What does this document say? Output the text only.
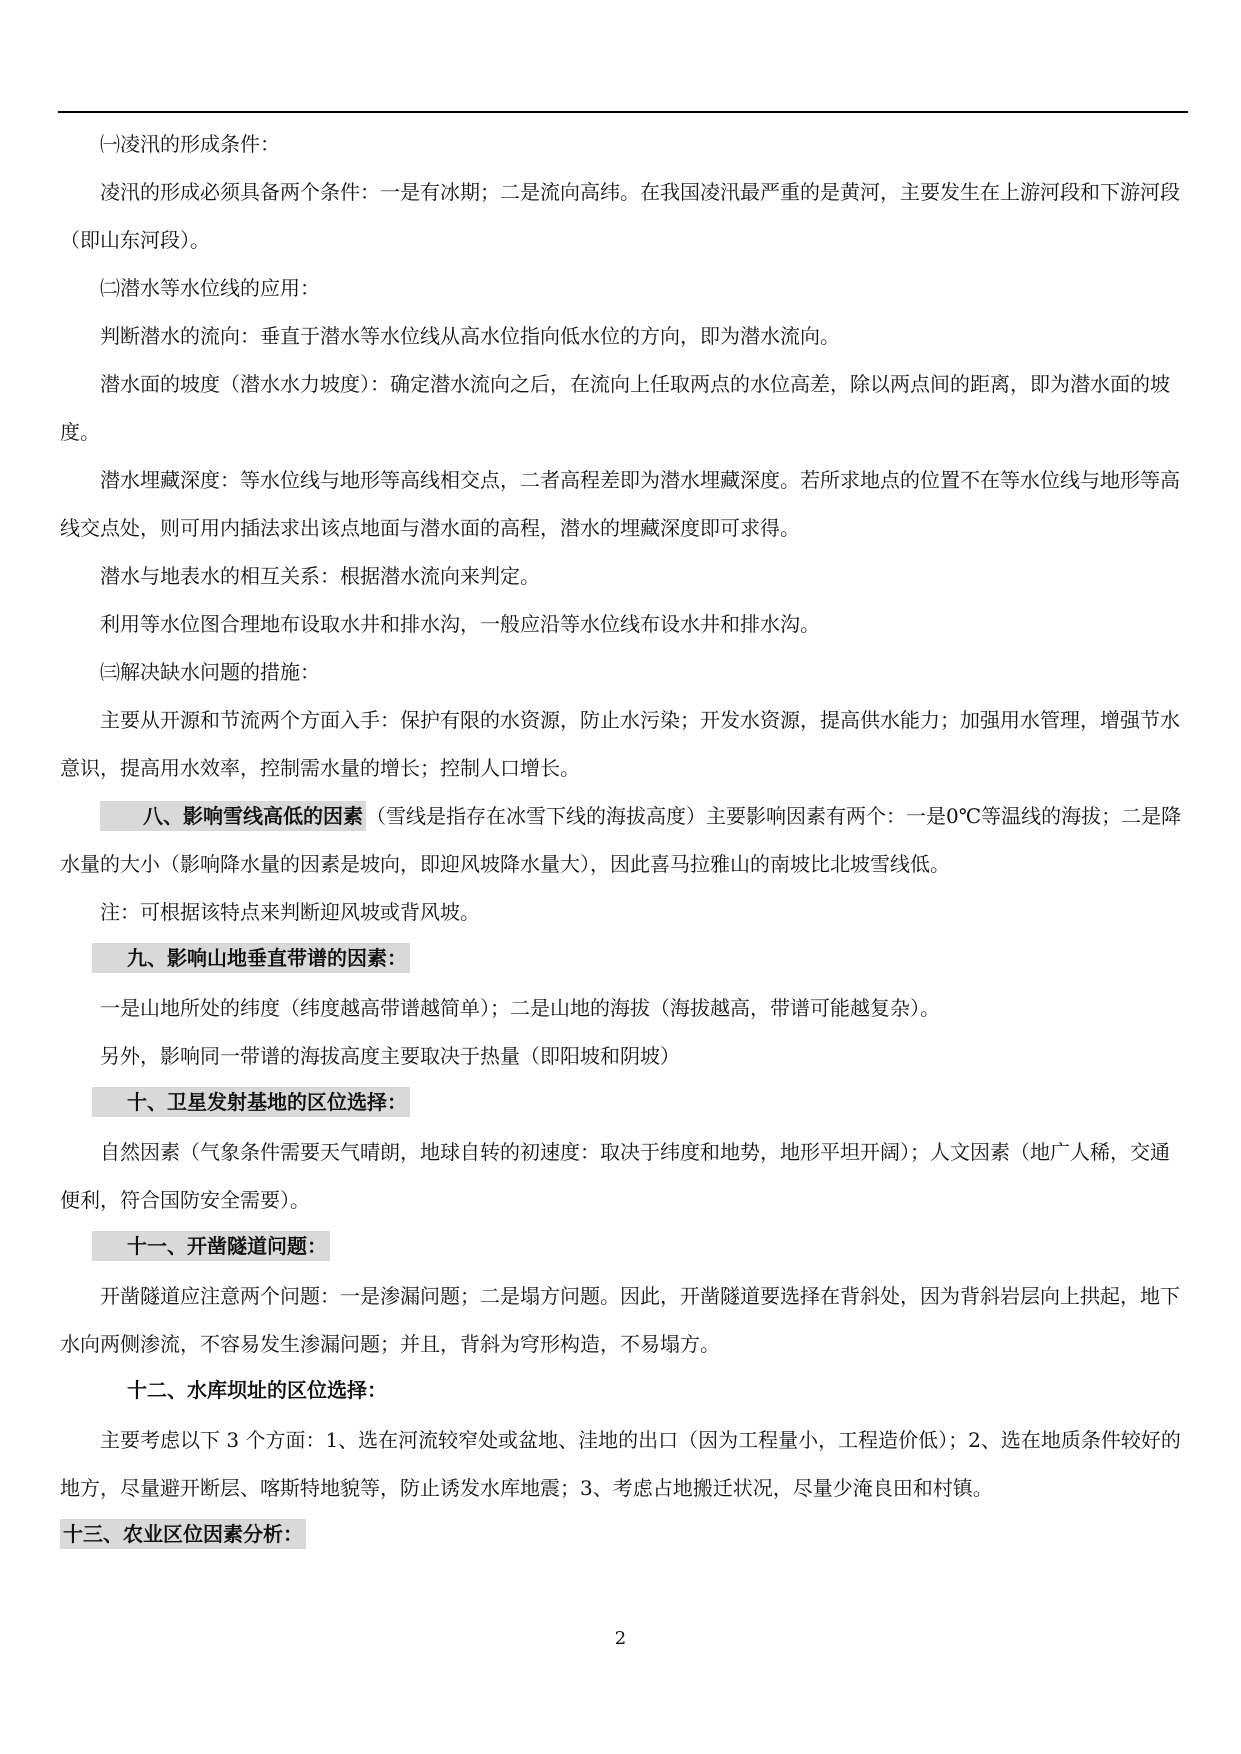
㈠凌汛的形成条件：

凌汛的形成必须具备两个条件：一是有冰期；二是流向高纬。在我国凌汛最严重的是黄河，主要发生在上游河段和下游河段（即山东河段）。

㈡潜水等水位线的应用：

判断潜水的流向：垂直于潜水等水位线从高水位指向低水位的方向，即为潜水流向。

潜水面的坡度（潜水水力坡度）：确定潜水流向之后，在流向上任取两点的水位高差，除以两点间的距离，即为潜水面的坡度。

潜水埋藏深度：等水位线与地形等高线相交点，二者高程差即为潜水埋藏深度。若所求地点的位置不在等水位线与地形等高线交点处，则可用内插法求出该点地面与潜水面的高程，潜水的埋藏深度即可求得。

潜水与地表水的相互关系：根据潜水流向来判定。

利用等水位图合理地布设取水井和排水沟，一般应沿等水位线布设水井和排水沟。

㈢解决缺水问题的措施：

主要从开源和节流两个方面入手：保护有限的水资源，防止水污染；开发水资源，提高供水能力；加强用水管理，增强节水意识，提高用水效率，控制需水量的增长；控制人口增长。

八、影响雪线高低的因素 （雪线是指存在冰雪下线的海拔高度）主要影响因素有两个：一是0℃等温线的海拔；二是降水量的大小（影响降水量的因素是坡向，即迎风坡降水量大），因此喜马拉雅山的南坡比北坡雪线低。

注：可根据该特点来判断迎风坡或背风坡。

九、影响山地垂直带谱的因素：

一是山地所处的纬度（纬度越高带谱越简单）；二是山地的海拔（海拔越高，带谱可能越复杂）。

另外，影响同一带谱的海拔高度主要取决于热量（即阳坡和阴坡）

十、卫星发射基地的区位选择：

自然因素（气象条件需要天气晴朗，地球自转的初速度：取决于纬度和地势，地形平坦开阔）；人文因素（地广人稀，交通便利，符合国防安全需要）。

十一、开凿隧道问题：

开凿隧道应注意两个问题：一是渗漏问题；二是塌方问题。因此，开凿隧道要选择在背斜处，因为背斜岩层向上拱起，地下水向两侧渗流，不容易发生渗漏问题；并且，背斜为穹形构造，不易塌方。

十二、水库坝址的区位选择：

主要考虑以下 3 个方面：1、选在河流较窄处或盆地、洼地的出口（因为工程量小，工程造价低）；2、选在地质条件较好的地方，尽量避开断层、喀斯特地貌等，防止诱发水库地震；3、考虑占地搬迁状况，尽量少淹良田和村镇。

十三、农业区位因素分析：

2
